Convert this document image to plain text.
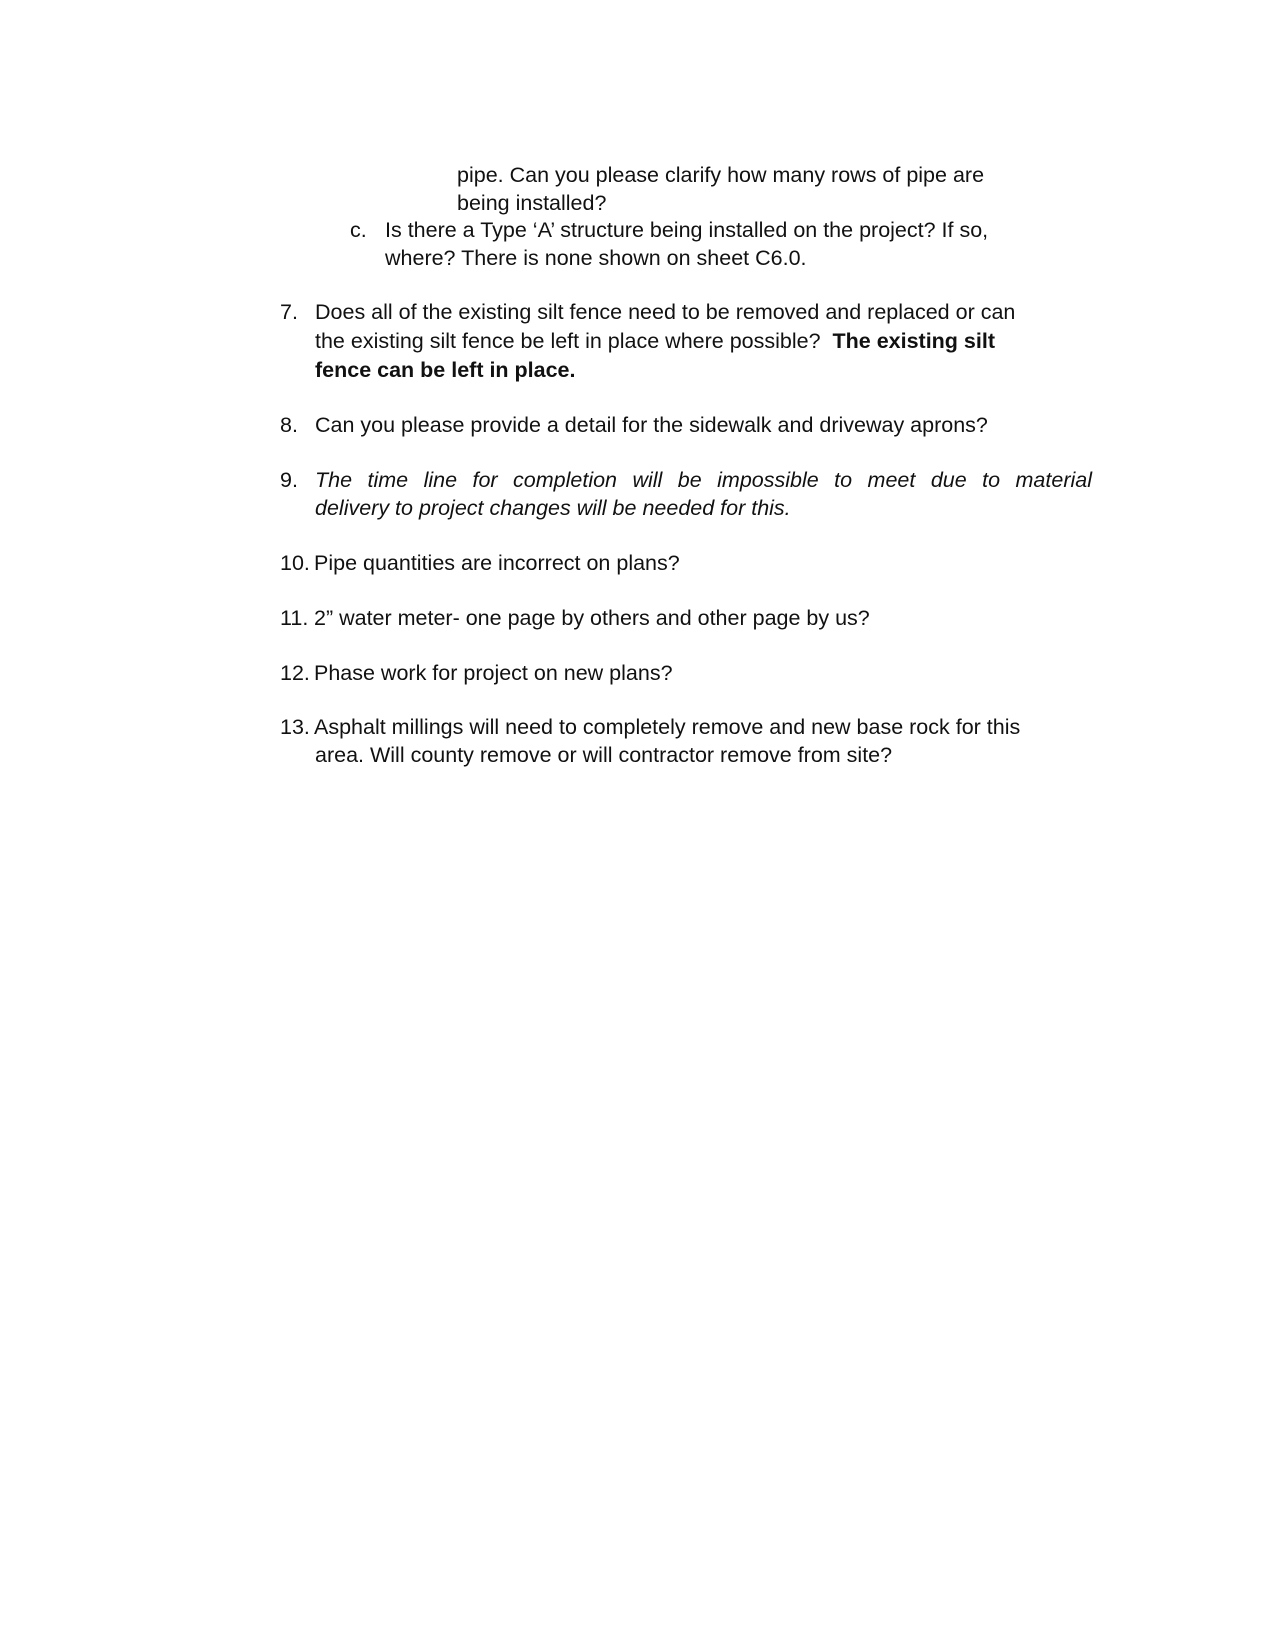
pipe. Can you please clarify how many rows of pipe are
being installed?
c. Is there a Type ‘A’ structure being installed on the project? If so,
where? There is none shown on sheet C6.0.
7. Does all of the existing silt fence need to be removed and replaced or can
the existing silt fence be left in place where possible? The existing silt
fence can be left in place.
8. Can you please provide a detail for the sidewalk and driveway aprons?
9. The time line for completion will be impossible to meet due to material
delivery to project changes will be needed for this.
10. Pipe quantities are incorrect on plans?
11. 2” water meter- one page by others and other page by us?
12. Phase work for project on new plans?
13. Asphalt millings will need to completely remove and new base rock for this
area. Will county remove or will contractor remove from site?
